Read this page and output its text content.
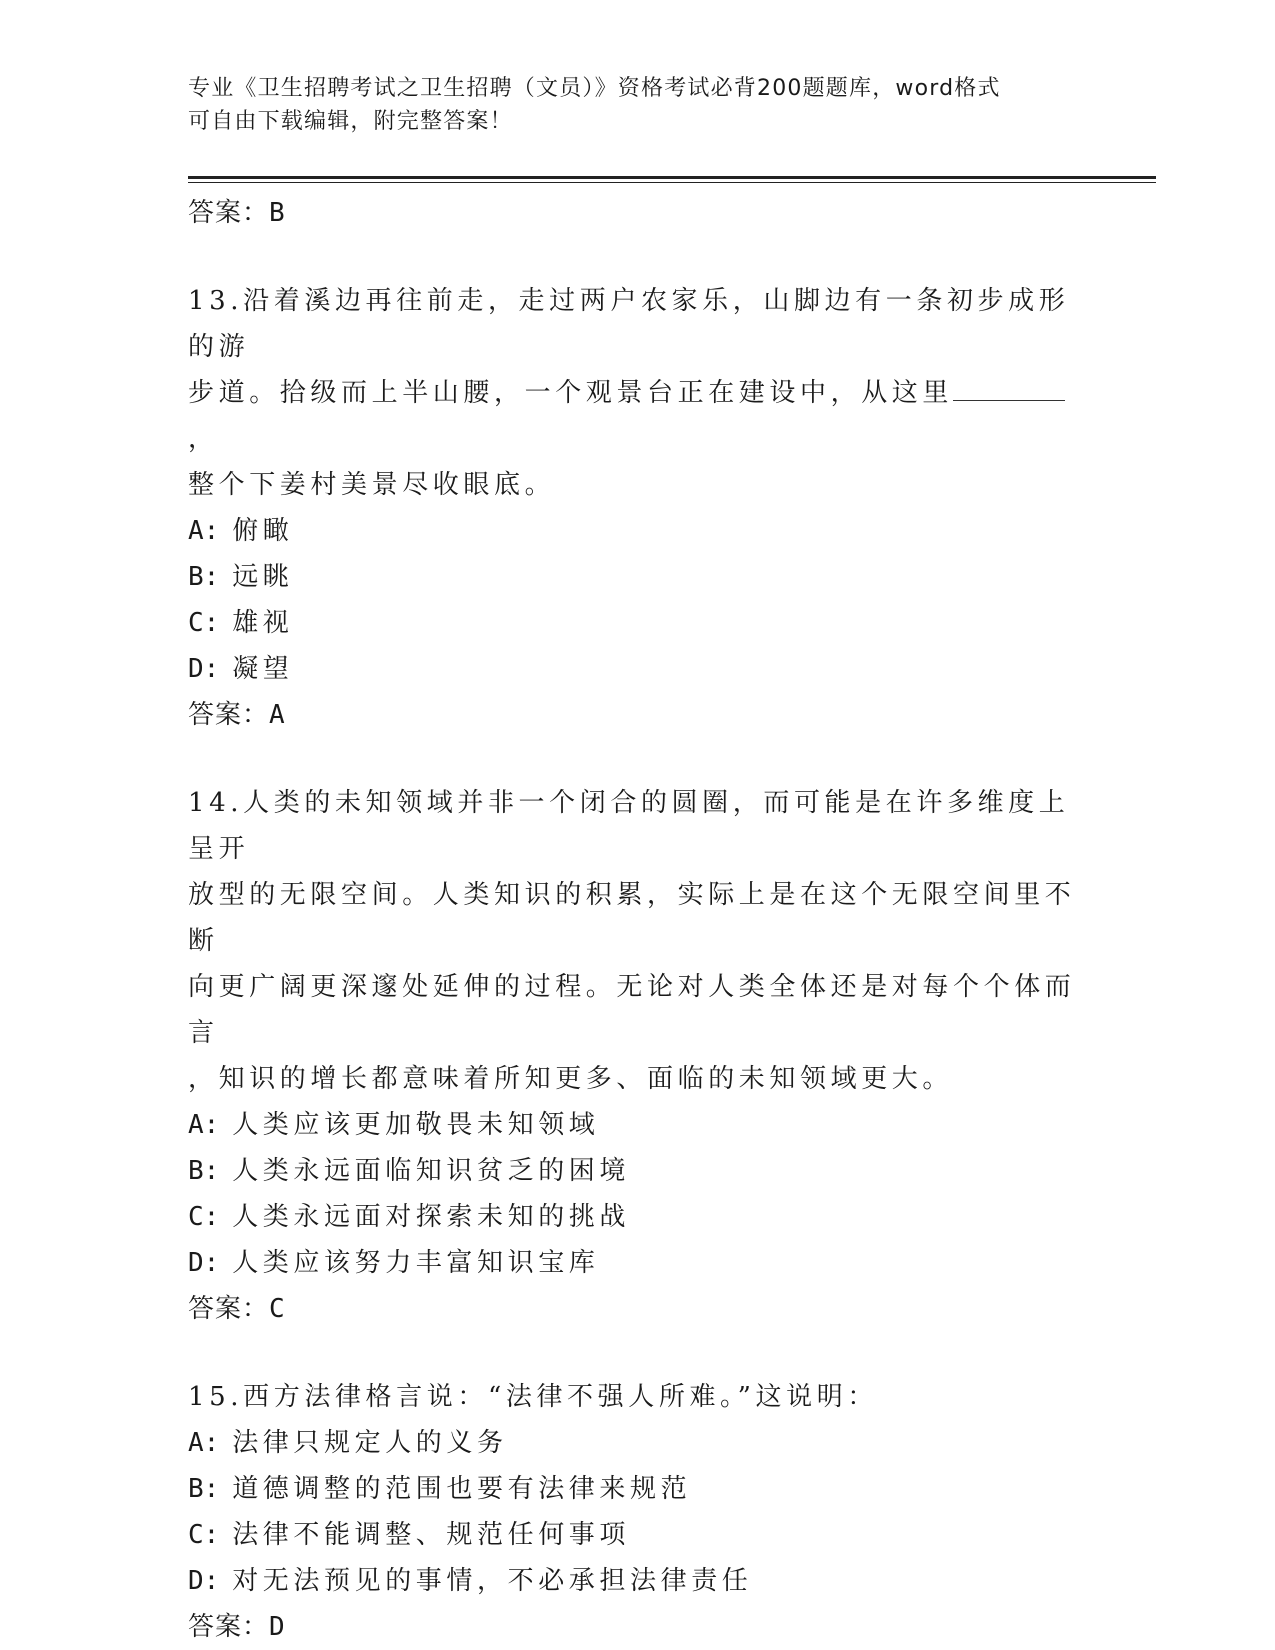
专业《卫生招聘考试之卫生招聘（文员）》资格考试必背200题题库，word格式
可自由下载编辑，附完整答案！
答案：B
13.沿着溪边再往前走，走过两户农家乐，山脚边有一条初步成形的游
步道。拾级而上半山腰，一个观景台正在建设中，从这里，
整个下姜村美景尽收眼底。
A: 俯瞰
B: 远眺
C: 雄视
D: 凝望
答案：A
14.人类的未知领域并非一个闭合的圆圈，而可能是在许多维度上呈开
放型的无限空间。人类知识的积累，实际上是在这个无限空间里不断
向更广阔更深邃处延伸的过程。无论对人类全体还是对每个个体而言
，知识的增长都意味着所知更多、面临的未知领域更大。
A: 人类应该更加敬畏未知领域
B: 人类永远面临知识贫乏的困境
C: 人类永远面对探索未知的挑战
D: 人类应该努力丰富知识宝库
答案：C
15.西方法律格言说：“法律不强人所难。”这说明：
A: 法律只规定人的义务
B: 道德调整的范围也要有法律来规范
C: 法律不能调整、规范任何事项
D: 对无法预见的事情，不必承担法律责任
答案：D
